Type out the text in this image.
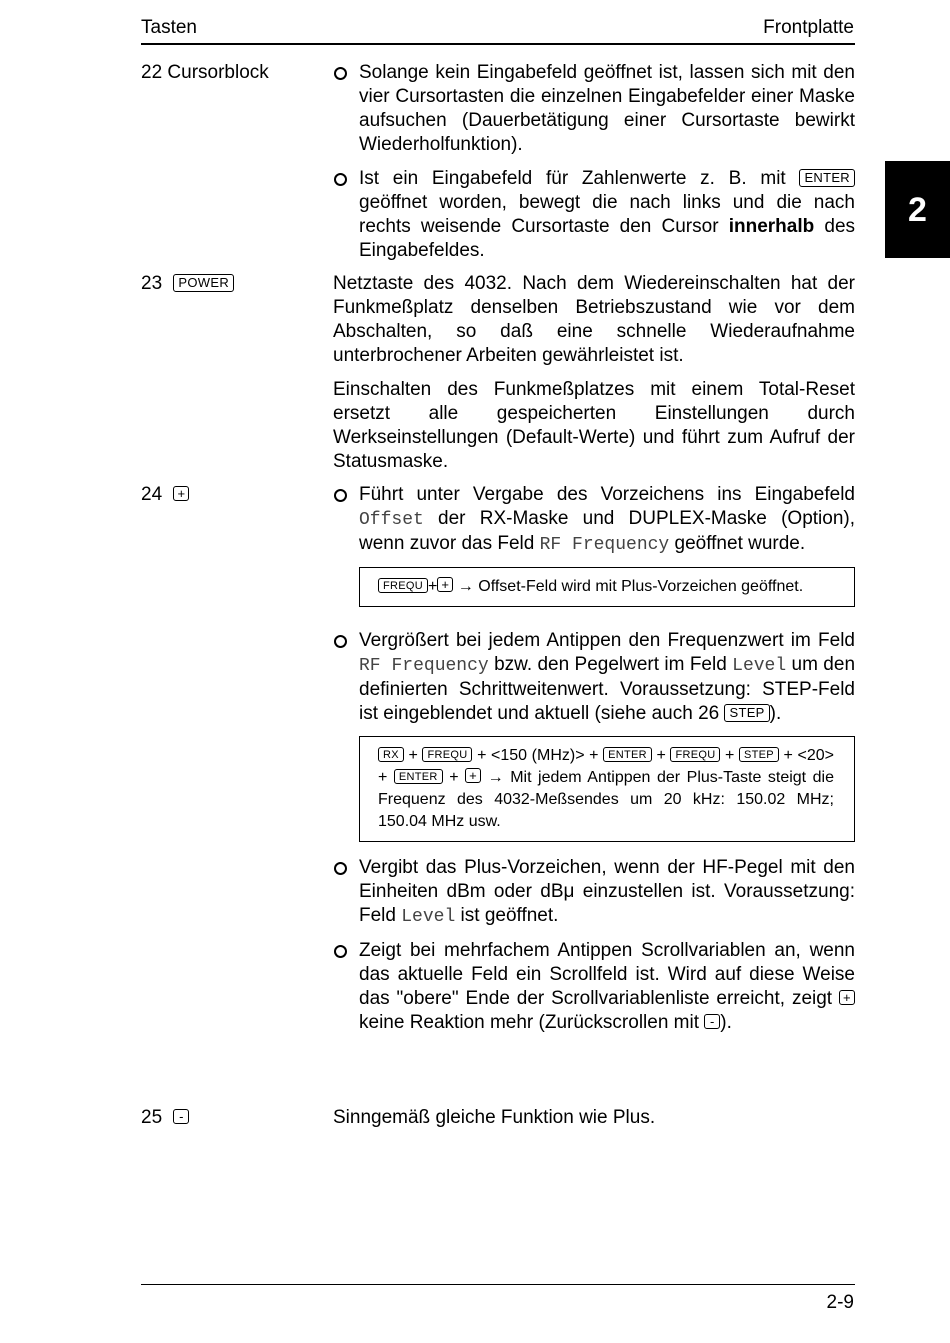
Tasten	Frontplatte
2
22 Cursorblock	Solange kein Eingabefeld geöffnet ist, lassen sich mit den vier Cursortasten die einzelnen Eingabefelder einer Maske aufsuchen (Dauerbetätigung einer Cursortaste bewirkt Wiederholfunktion).
Ist ein Eingabefeld für Zahlenwerte z. B. mit ENTER geöffnet worden, bewegt die nach links und die nach rechts weisende Cursortaste den Cursor innerhalb des Eingabefeldes.
23 POWER	Netztaste des 4032. Nach dem Wiedereinschalten hat der Funkmeßplatz denselben Betriebszustand wie vor dem Abschalten, so daß eine schnelle Wiederaufnahme unterbrochener Arbeiten gewährleistet ist.
Einschalten des Funkmeßplatzes mit einem Total-Reset ersetzt alle gespeicherten Einstellungen durch Werkseinstellungen (Default-Werte) und führt zum Aufruf der Statusmaske.
24 +	Führt unter Vergabe des Vorzeichens ins Eingabefeld Offset der RX-Maske und DUPLEX-Maske (Option), wenn zuvor das Feld RF Frequency geöffnet wurde.
FREQU + + → Offset-Feld wird mit Plus-Vorzeichen geöffnet.
Vergrößert bei jedem Antippen den Frequenzwert im Feld RF Frequency bzw. den Pegelwert im Feld Level um den definierten Schrittweitenwert. Voraussetzung: STEP-Feld ist eingeblendet und aktuell (siehe auch 26 STEP ).
RX + FREQU + <150 (MHz)> + ENTER + FREQU + STEP + <20> + ENTER + + → Mit jedem Antippen der Plus-Taste steigt die Frequenz des 4032-Meßsendes um 20 kHz: 150.02 MHz; 150.04 MHz usw.
Vergibt das Plus-Vorzeichen, wenn der HF-Pegel mit den Einheiten dBm oder dBμ einzustellen ist. Voraussetzung: Feld Level ist geöffnet.
Zeigt bei mehrfachem Antippen Scrollvariablen an, wenn das aktuelle Feld ein Scrollfeld ist. Wird auf diese Weise das "obere" Ende der Scrollvariablenliste erreicht, zeigt + keine Reaktion mehr (Zurückscrollen mit - ).
25 -	Sinngemäß gleiche Funktion wie Plus.
2-9
